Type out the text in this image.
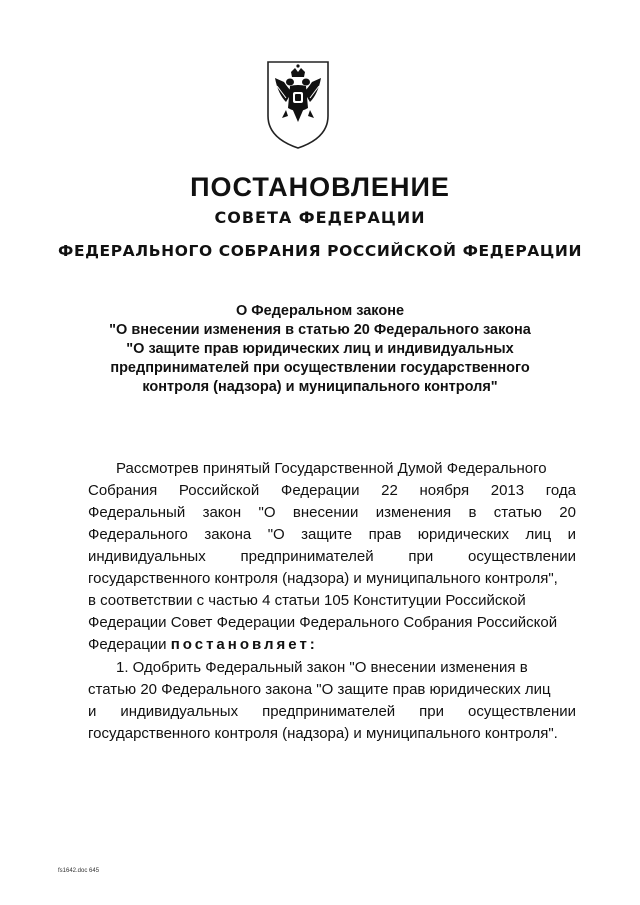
ПОСТАНОВЛЕНИЕ
СОВЕТА ФЕДЕРАЦИИ
ФЕДЕРАЛЬНОГО СОБРАНИЯ РОССИЙСКОЙ ФЕДЕРАЦИИ
О Федеральном законе
"О внесении изменения в статью 20 Федерального закона
"О защите прав юридических лиц и индивидуальных
предпринимателей при осуществлении государственного
контроля (надзора) и муниципального контроля"
Рассмотрев принятый Государственной Думой Федерального
Собрания Российской Федерации 22 ноября 2013 года
Федеральный закон "О внесении изменения в статью 20
Федерального закона "О защите прав юридических лиц и
индивидуальных предпринимателей при осуществлении
государственного контроля (надзора) и муниципального контроля",
в соответствии с частью 4 статьи 105 Конституции Российской
Федерации Совет Федерации Федерального Собрания Российской
Федерации постановляет:
1. Одобрить Федеральный закон "О внесении изменения в
статью 20 Федерального закона "О защите прав юридических лиц
и индивидуальных предпринимателей при осуществлении
государственного контроля (надзора) и муниципального контроля".
fs1642.doc 645
